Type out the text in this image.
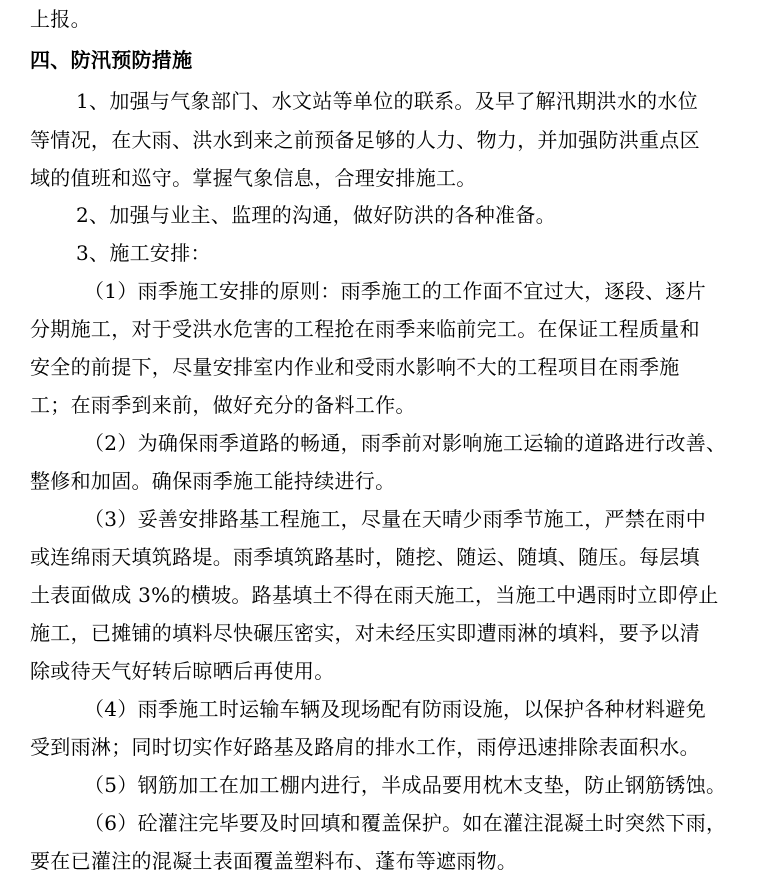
上报。
四、防汛预防措施
1、加强与气象部门、水文站等单位的联系。及早了解汛期洪水的水位
等情况，在大雨、洪水到来之前预备足够的人力、物力，并加强防洪重点区
域的值班和巡守。掌握气象信息，合理安排施工。
2、加强与业主、监理的沟通，做好防洪的各种准备。
3、施工安排：
（1）雨季施工安排的原则：雨季施工的工作面不宜过大，逐段、逐片
分期施工，对于受洪水危害的工程抢在雨季来临前完工。在保证工程质量和
安全的前提下，尽量安排室内作业和受雨水影响不大的工程项目在雨季施
工；在雨季到来前，做好充分的备料工作。
（2）为确保雨季道路的畅通，雨季前对影响施工运输的道路进行改善、
整修和加固。确保雨季施工能持续进行。
（3）妥善安排路基工程施工，尽量在天晴少雨季节施工，严禁在雨中
或连绵雨天填筑路堤。雨季填筑路基时，随挖、随运、随填、随压。每层填
土表面做成 3%的横坡。路基填土不得在雨天施工，当施工中遇雨时立即停止
施工，已摊铺的填料尽快碾压密实，对未经压实即遭雨淋的填料，要予以清
除或待天气好转后晾晒后再使用。
（4）雨季施工时运输车辆及现场配有防雨设施，以保护各种材料避免
受到雨淋；同时切实作好路基及路肩的排水工作，雨停迅速排除表面积水。
（5）钢筋加工在加工棚内进行，半成品要用枕木支垫，防止钢筋锈蚀。
（6）砼灌注完毕要及时回填和覆盖保护。如在灌注混凝土时突然下雨，
要在已灌注的混凝土表面覆盖塑料布、蓬布等遮雨物。
